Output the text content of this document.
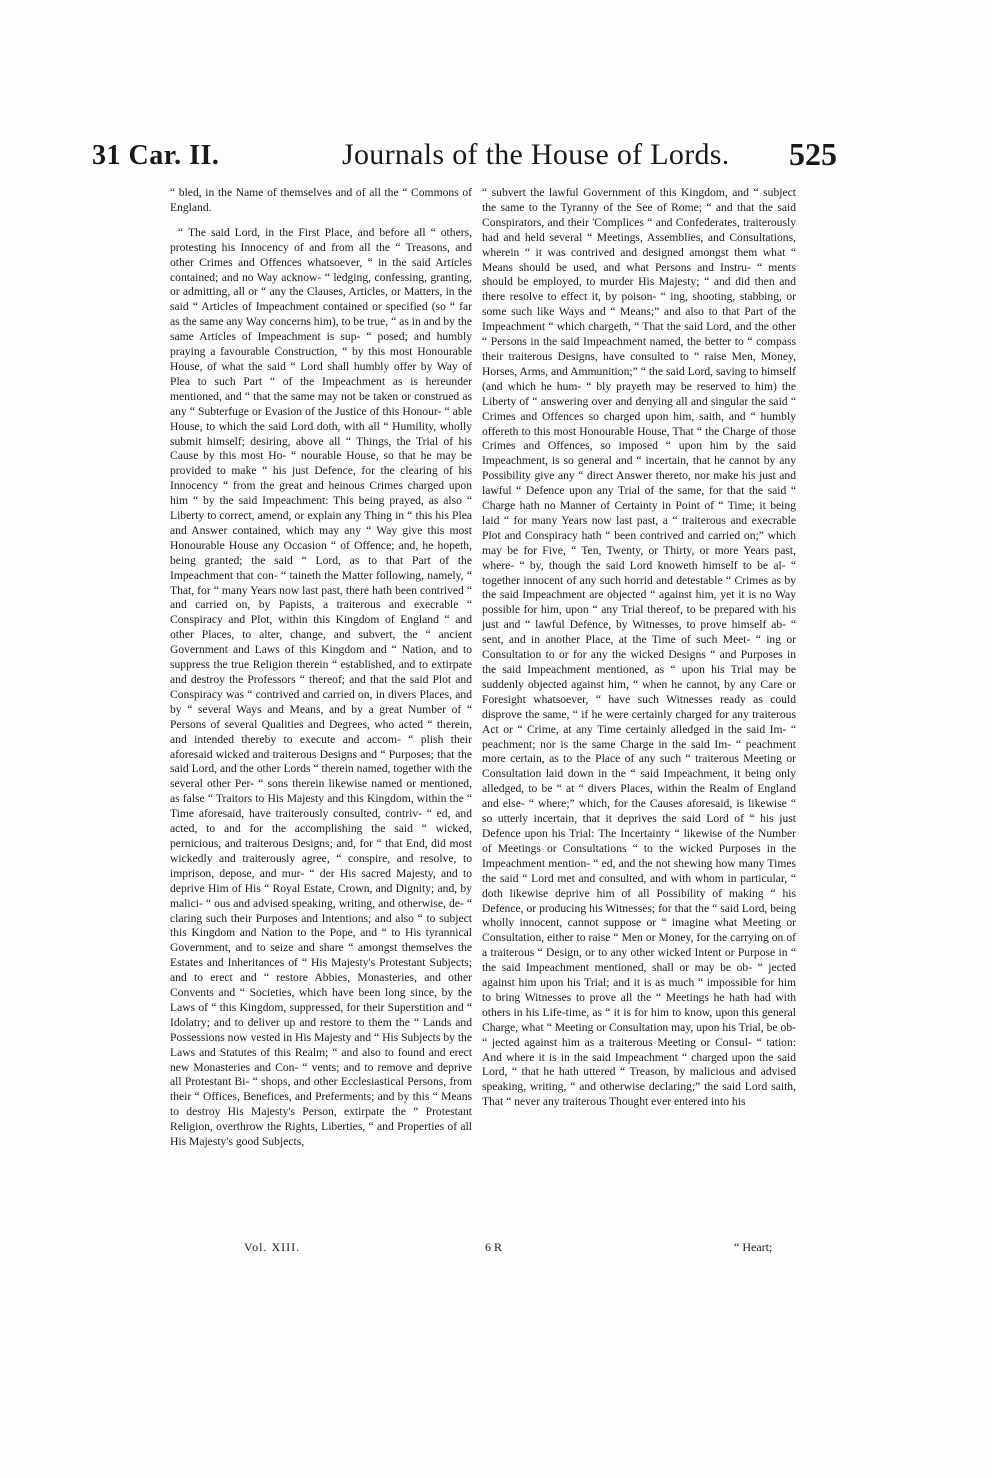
31 Car. II.	Journals of the House of Lords. 525

“ bled, in the Name of themselves and of all the “ Commons of England.

“ The said Lord, in the First Place, and before all “ others, protesting his Innocency of and from all the “ Treasons, and other Crimes and Offences whatsoever, “ in the said Articles contained; and no Way acknow- “ ledging, confessing, granting, or admitting, all or “ any the Clauses, Articles, or Matters, in the said “ Articles of Impeachment contained or specified (so “ far as the same any Way concerns him), to be true, “ as in and by the same Articles of Impeachment is sup- “ posed; and humbly praying a favourable Construction, “ by this most Honourable House, of what the said “ Lord shall humbly offer by Way of Plea to such Part “ of the Impeachment as is hereunder mentioned, and “ that the same may not be taken or construed as any “ Subterfuge or Evasion of the Justice of this Honour- “ able House, to which the said Lord doth, with all “ Humility, wholly submit himself; desiring, above all “ Things, the Trial of his Cause by this most Ho- “ nourable House, so that he may be provided to make “ his just Defence, for the clearing of his Innocency “ from the great and heinous Crimes charged upon him “ by the said Impeachment: This being prayed, as also “ Liberty to correct, amend, or explain any Thing in “ this his Plea and Answer contained, which may any “ Way give this most Honourable House any Occasion “ of Offence; and, he hopeth, being granted; the said “ Lord, as to that Part of the Impeachment that con- “ taineth the Matter following, namely, “ That, for “ many Years now last past, there hath been contrived “ and carried on, by Papists, a traiterous and execrable “ Conspiracy and Plot, within this Kingdom of England “ and other Places, to alter, change, and subvert, the “ ancient Government and Laws of this Kingdom and “ Nation, and to suppress the true Religion therein “ established, and to extirpate and destroy the Professors “ thereof; and that the said Plot and Conspiracy was “ contrived and carried on, in divers Places, and by “ several Ways and Means, and by a great Number of “ Persons of several Qualities and Degrees, who acted “ therein, and intended thereby to execute and accom- “ plish their aforesaid wicked and traiterous Designs and “ Purposes; that the said Lord, and the other Lords “ therein named, together with the several other Per- “ sons therein likewise named or mentioned, as false “ Traitors to His Majesty and this Kingdom, within the “ Time aforesaid, have traiterously consulted, contriv- “ ed, and acted, to and for the accomplishing the said “ wicked, pernicious, and traiterous Designs; and, for “ that End, did most wickedly and traiterously agree, “ conspire, and resolve, to imprison, depose, and mur- “ der His sacred Majesty, and to deprive Him of His “ Royal Estate, Crown, and Dignity; and, by malici- “ ous and advised speaking, writing, and otherwise, de- “ claring such their Purposes and Intentions; and also “ to subject this Kingdom and Nation to the Pope, and “ to His tyrannical Government, and to seize and share “ amongst themselves the Estates and Inheritances of “ His Majesty's Protestant Subjects; and to erect and “ restore Abbies, Monasteries, and other Convents and “ Societies, which have been long since, by the Laws of “ this Kingdom, suppressed, for their Superstition and “ Idolatry; and to deliver up and restore to them the “ Lands and Possessions now vested in His Majesty and “ His Subjects by the Laws and Statutes of this Realm; “ and also to found and erect new Monasteries and Con- “ vents; and to remove and deprive all Protestant Bi- “ shops, and other Ecclesiastical Persons, from their “ Offices, Benefices, and Preferments; and by this “ Means to destroy His Majesty's Person, extirpate the “ Protestant Religion, overthrow the Rights, Liberties, “ and Properties of all His Majesty's good Subjects,

“ subvert the lawful Government of this Kingdom, and “ subject the same to the Tyranny of the See of Rome; “ and that the said Conspirators, and their 'Complices “ and Confederates, traiterously had and held several “ Meetings, Assemblies, and Consultations, wherein “ it was contrived and designed amongst them what “ Means should be used, and what Persons and Instru- “ ments should be employed, to murder His Majesty; “ and did then and there resolve to effect it, by poison- “ ing, shooting, stabbing, or some such like Ways and “ Means;” and also to that Part of the Impeachment “ which chargeth, “ That the said Lord, and the other “ Persons in the said Impeachment named, the better to “ compass their traiterous Designs, have consulted to “ raise Men, Money, Horses, Arms, and Ammunition;” “ the said Lord, saving to himself (and which he hum- “ bly prayeth may be reserved to him) the Liberty of “ answering over and denying all and singular the said “ Crimes and Offences so charged upon him, saith, and “ humbly offereth to this most Honourable House, That “ the Charge of those Crimes and Offences, so imposed “ upon him by the said Impeachment, is so general and “ incertain, that he cannot by any Possibility give any “ direct Answer thereto, nor make his just and lawful “ Defence upon any Trial of the same, for that the said “ Charge hath no Manner of Certainty in Point of “ Time; it being laid “ for many Years now last past, a “ traiterous and execrable Plot and Conspiracy hath “ been contrived and carried on;” which may be for Five, “ Ten, Twenty, or Thirty, or more Years past, where- “ by, though the said Lord knoweth himself to be al- “ together innocent of any such horrid and detestable “ Crimes as by the said Impeachment are objected “ against him, yet it is no Way possible for him, upon “ any Trial thereof, to be prepared with his just and “ lawful Defence, by Witnesses, to prove himself ab- “ sent, and in another Place, at the Time of such Meet- “ ing or Consultation to or for any the wicked Designs “ and Purposes in the said Impeachment mentioned, as “ upon his Trial may be suddenly objected against him, “ when he cannot, by any Care or Foresight whatsoever, “ have such Witnesses ready as could disprove the same, “ if he were certainly charged for any traiterous Act or “ Crime, at any Time certainly alledged in the said Im- “ peachment; nor is the same Charge in the said Im- “ peachment more certain, as to the Place of any such “ traiterous Meeting or Consultation laid down in the “ said Impeachment, it being only alledged, to be “ at “ divers Places, within the Realm of England and else- “ where;” which, for the Causes aforesaid, is likewise “ so utterly incertain, that it deprives the said Lord of “ his just Defence upon his Trial: The Incertainty “ likewise of the Number of Meetings or Consultations “ to the wicked Purposes in the Impeachment mention- “ ed, and the not shewing how many Times the said “ Lord met and consulted, and with whom in particular, “ doth likewise deprive him of all Possibility of making “ his Defence, or producing his Witnesses; for that the “ said Lord, being wholly innocent, cannot suppose or “ imagine what Meeting or Consultation, either to raise “ Men or Money, for the carrying on of a traiterous “ Design, or to any other wicked Intent or Purpose in “ the said Impeachment mentioned, shall or may be ob- “ jected against him upon his Trial; and it is as much “ impossible for him to bring Witnesses to prove all the “ Meetings he hath had with others in his Life-time, as “ it is for him to know, upon this general Charge, what “ Meeting or Consultation may, upon his Trial, be ob- “ jected against him as a traiterous Meeting or Consul- “ tation: And where it is in the said Impeachment “ charged upon the said Lord, “ that he hath uttered “ Treason, by malicious and advised speaking, writing, “ and otherwise declaring;” the said Lord saith, That “ never any traiterous Thought ever entered into his

Vol. XIII.	6 R	“ Heart;
